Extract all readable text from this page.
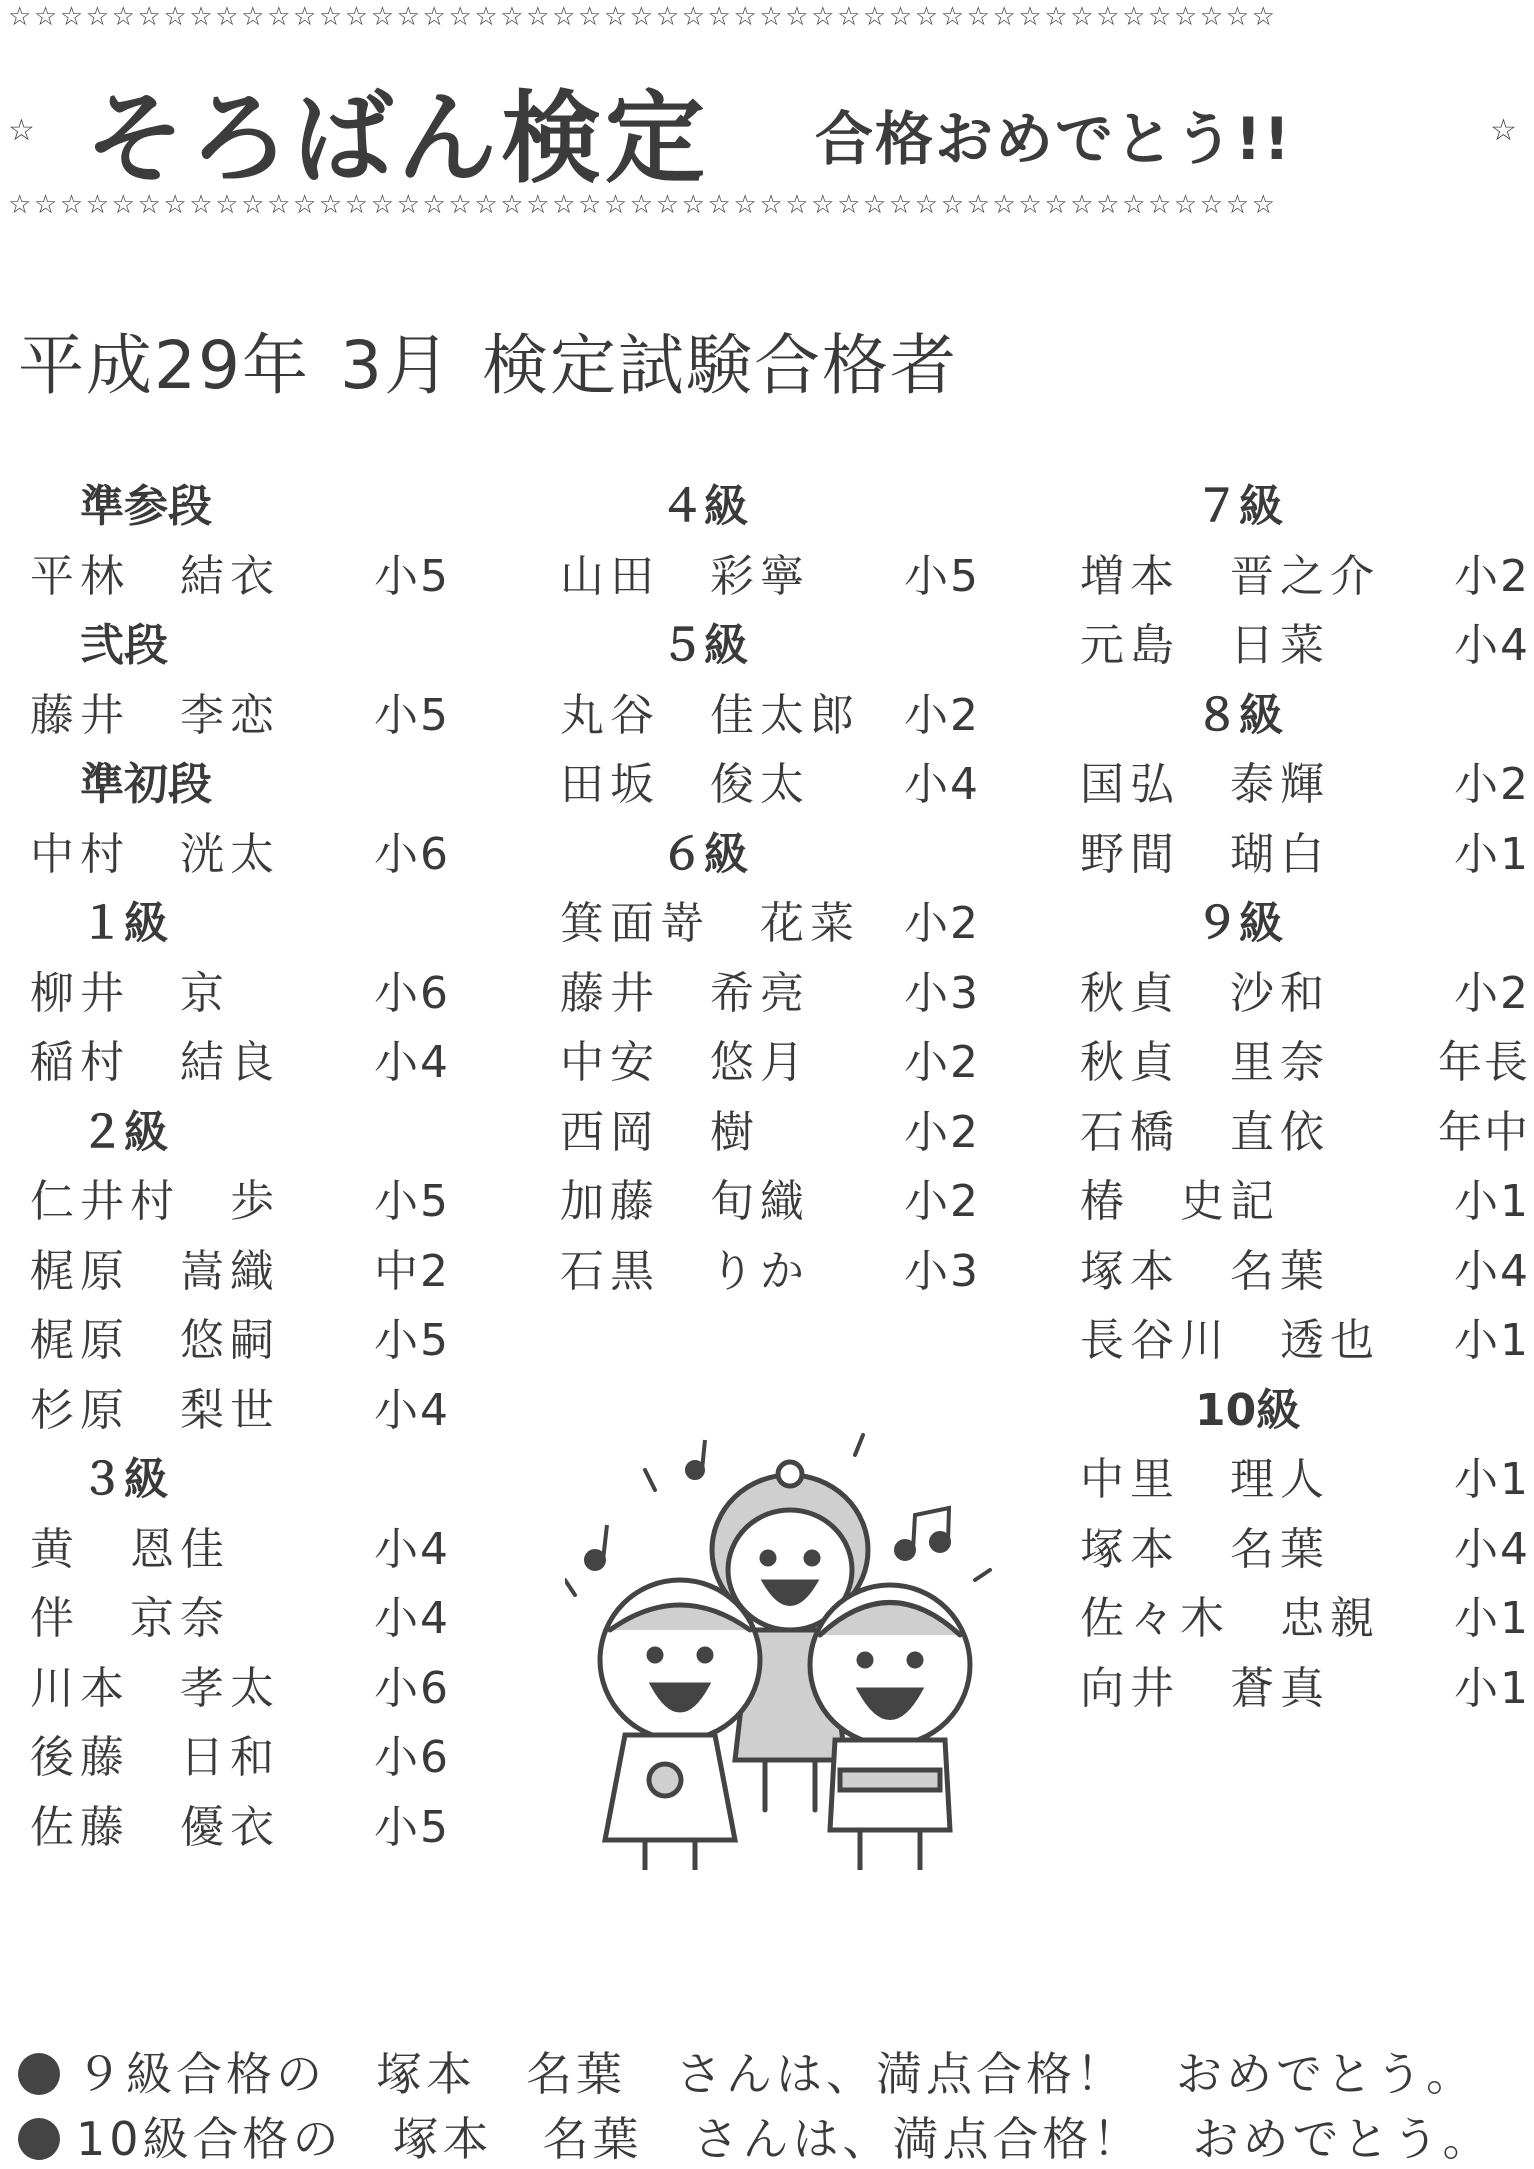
☆☆☆☆☆☆☆☆☆☆☆☆☆☆☆☆☆☆☆☆☆☆☆☆☆☆☆☆☆☆☆☆☆☆☆☆☆☆☆☆☆☆☆☆☆☆☆☆☆
☆ そろばん検定 合格おめでとう!!	☆
☆☆☆☆☆☆☆☆☆☆☆☆☆☆☆☆☆☆☆☆☆☆☆☆☆☆☆☆☆☆☆☆☆☆☆☆☆☆☆☆☆☆☆☆☆☆☆☆☆
平成29年 3月 検定試験合格者
準参段
平林　結衣 小5
弐段
藤井　李恋 小5
準初段
中村　洸太 小6
１級
柳井　京	小6
稲村　結良 小4
２級
仁井村　歩 小5
梶原　嵩織 中2
梶原　悠嗣 小5
杉原　梨世 小4
３級
黄　恩佳	小4
伴　京奈	小4
川本　孝太 小6
後藤　日和 小6
佐藤　優衣 小5
４級
山田　彩寧 小5
５級
丸谷　佳太郎 小2
田坂　俊太 小4
６級
箕面嵜　花菜 小2
藤井　希亮 小3
中安　悠月 小2
西岡　樹	小2
加藤　旬織 小2
石黒　りか 小3
７級
増本　晋之介 小2
元島　日菜	小4
８級
国弘　泰輝	小2
野間　瑚白	小1
９級
秋貞　沙和	小2
秋貞　里奈 年長
石橋　直依 年中
椿　史記	小1
塚本　名葉	小4
長谷川　透也 小1
10級
中里　理人	小1
塚本　名葉	小4
佐々木　忠親 小1
向井　蒼真	小1
９級合格の　塚本　名葉　さんは、満点合格！　おめでとう。
10級合格の　塚本　名葉　さんは、満点合格！　おめでとう。
